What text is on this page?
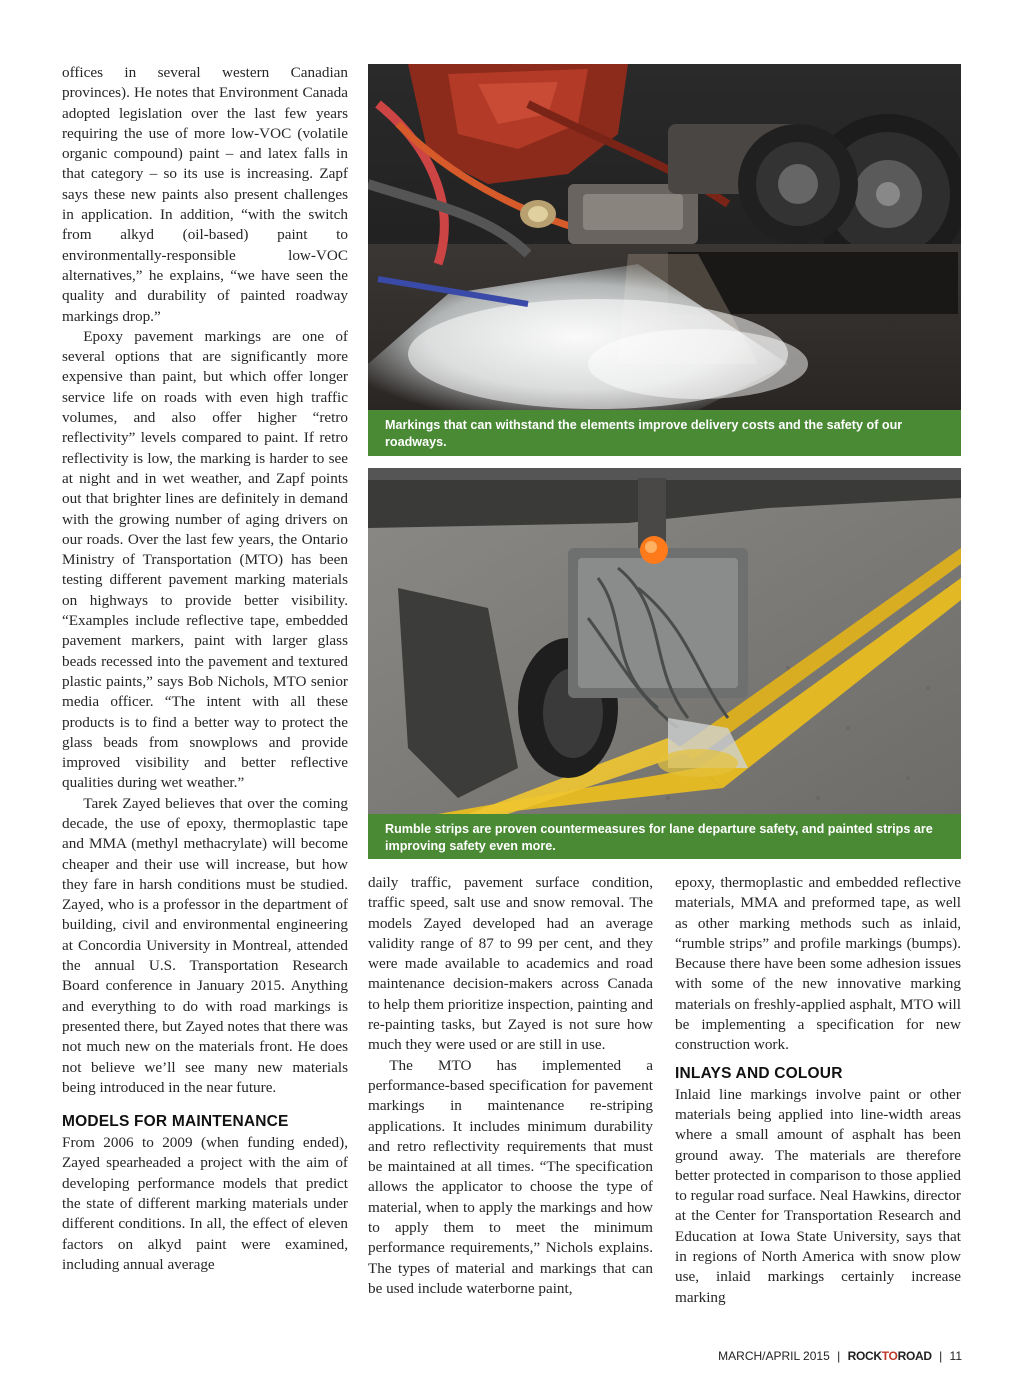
offices in several western Canadian provinces). He notes that Environment Canada adopted legislation over the last few years requiring the use of more low-VOC (volatile organic compound) paint – and latex falls in that category – so its use is increasing. Zapf says these new paints also present challenges in application. In addition, “with the switch from alkyd (oil-based) paint to environmentally-responsible low-VOC alternatives,” he explains, “we have seen the quality and durability of painted roadway markings drop.”

Epoxy pavement markings are one of several options that are significantly more expensive than paint, but which offer longer service life on roads with even high traffic volumes, and also offer higher “retro reflectivity” levels compared to paint. If retro reflectivity is low, the marking is harder to see at night and in wet weather, and Zapf points out that brighter lines are definitely in demand with the growing number of aging drivers on our roads. Over the last few years, the Ontario Ministry of Transportation (MTO) has been testing different pavement marking materials on highways to provide better visibility. “Examples include reflective tape, embedded pavement markers, paint with larger glass beads recessed into the pavement and textured plastic paints,” says Bob Nichols, MTO senior media officer. “The intent with all these products is to find a better way to protect the glass beads from snowplows and provide improved visibility and better reflective qualities during wet weather.”

Tarek Zayed believes that over the coming decade, the use of epoxy, thermoplastic tape and MMA (methyl methacrylate) will become cheaper and their use will increase, but how they fare in harsh conditions must be studied. Zayed, who is a professor in the department of building, civil and environmental engineering at Concordia University in Montreal, attended the annual U.S. Transportation Research Board conference in January 2015. Anything and everything to do with road markings is presented there, but Zayed notes that there was not much new on the materials front. He does not believe we’ll see many new materials being introduced in the near future.

MODELS FOR MAINTENANCE

From 2006 to 2009 (when funding ended), Zayed spearheaded a project with the aim of developing performance models that predict the state of different marking materials under different conditions. In all, the effect of eleven factors on alkyd paint were examined, including annual average

Markings that can withstand the elements improve delivery costs and the safety of our roadways.
Rumble strips are proven countermeasures for lane departure safety, and painted strips are improving safety even more.

daily traffic, pavement surface condition, traffic speed, salt use and snow removal. The models Zayed developed had an average validity range of 87 to 99 per cent, and they were made available to academics and road maintenance decision-makers across Canada to help them prioritize inspection, painting and re-painting tasks, but Zayed is not sure how much they were used or are still in use.

The MTO has implemented a performance-based specification for pavement markings in maintenance re-striping applications. It includes minimum durability and retro reflectivity requirements that must be maintained at all times. “The specification allows the applicator to choose the type of material, when to apply the markings and how to apply them to meet the minimum performance requirements,” Nichols explains. The types of material and markings that can be used include waterborne paint,

epoxy, thermoplastic and embedded reflective materials, MMA and preformed tape, as well as other marking methods such as inlaid, “rumble strips” and profile markings (bumps). Because there have been some adhesion issues with some of the new innovative marking materials on freshly-applied asphalt, MTO will be implementing a specification for new construction work.

INLAYS AND COLOUR

Inlaid line markings involve paint or other materials being applied into line-width areas where a small amount of asphalt has been ground away. The materials are therefore better protected in comparison to those applied to regular road surface. Neal Hawkins, director at the Center for Transportation Research and Education at Iowa State University, says that in regions of North America with snow plow use, inlaid markings certainly increase marking

MARCH/APRIL 2015 | ROCKTOROAD | 11
